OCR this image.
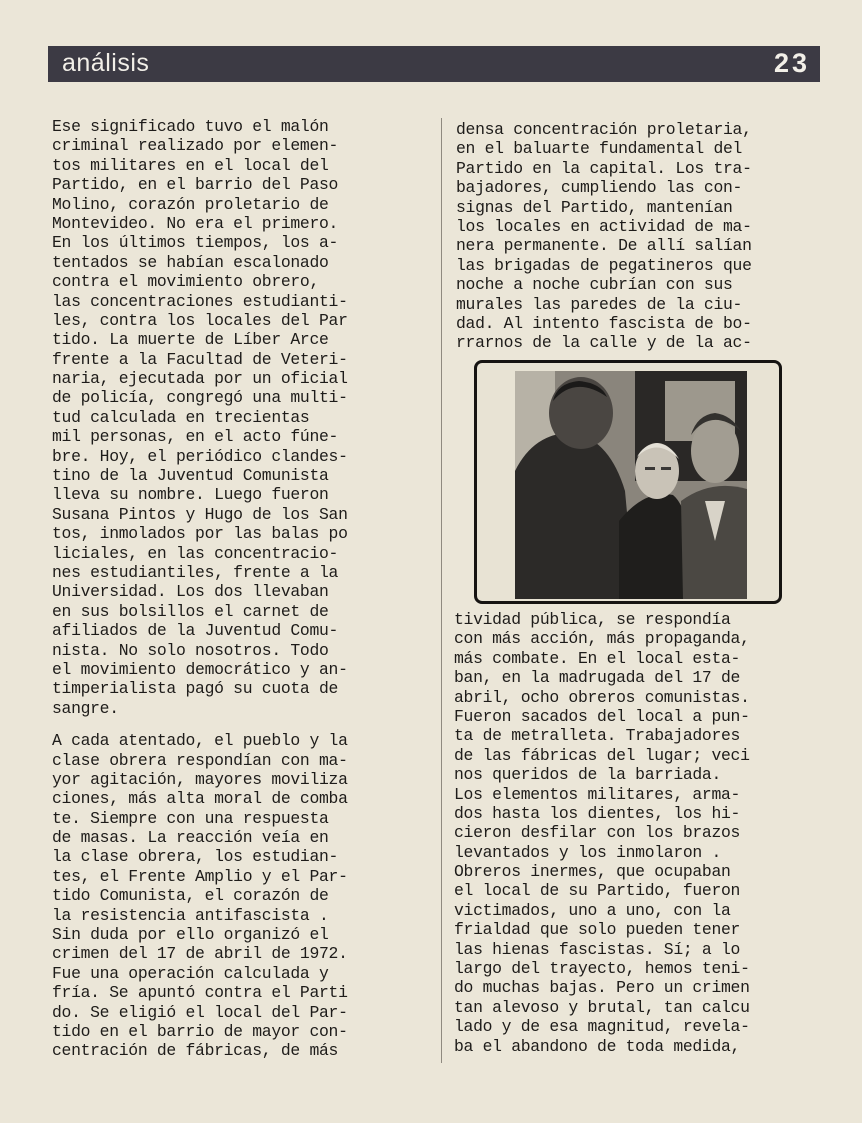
análisis	23
Ese significado tuvo el malón
criminal realizado por elemen-
tos militares en el local del
Partido, en el barrio del Paso
Molino, corazón proletario de
Montevideo. No era el primero.
En los últimos tiempos, los a-
tentados se habían escalonado
contra el movimiento obrero,
las concentraciones estudianti-
les, contra los locales del Par
tido. La muerte de Líber Arce
frente a la Facultad de Veteri-
naria, ejecutada por un oficial
de policía, congregó una multi-
tud calculada en trecientas
mil personas, en el acto fúne-
bre. Hoy, el periódico clandes-
tino de la Juventud Comunista
lleva su nombre. Luego fueron
Susana Pintos y Hugo de los San
tos, inmolados por las balas po
liciales, en las concentracio-
nes estudiantiles, frente a la
Universidad. Los dos llevaban
en sus bolsillos el carnet de
afiliados de la Juventud Comu-
nista. No solo nosotros. Todo
el movimiento democrático y an-
timperialista pagó su cuota de
sangre.
A cada atentado, el pueblo y la
clase obrera respondían con ma-
yor agitación, mayores moviliza
ciones, más alta moral de comba
te. Siempre con una respuesta
de masas. La reacción veía en
la clase obrera, los estudian-
tes, el Frente Amplio y el Par-
tido Comunista, el corazón de
la resistencia antifascista .
Sin duda por ello organizó el
crimen del 17 de abril de 1972.
Fue una operación calculada y
fría. Se apuntó contra el Parti
do. Se eligió el local del Par-
tido en el barrio de mayor con-
centración de fábricas, de más
densa concentración proletaria,
en el baluarte fundamental del
Partido en la capital. Los tra-
bajadores, cumpliendo las con-
signas del Partido, mantenían
los locales en actividad de ma-
nera permanente. De allí salían
las brigadas de pegatineros que
noche a noche cubrían con sus
murales las paredes de la ciu-
dad. Al intento fascista de bo-
rrarnos de la calle y de la ac-
tividad pública, se respondía
con más acción, más propaganda,
más combate. En el local esta-
ban, en la madrugada del 17 de
abril, ocho obreros comunistas.
Fueron sacados del local a pun-
ta de metralleta. Trabajadores
de las fábricas del lugar; veci
nos queridos de la barriada.
Los elementos militares, arma-
dos hasta los dientes, los hi-
cieron desfilar con los brazos
levantados y los inmolaron .
Obreros inermes, que ocupaban
el local de su Partido, fueron
victimados, uno a uno, con la
frialdad que solo pueden tener
las hienas fascistas. Sí; a lo
largo del trayecto, hemos teni-
do muchas bajas. Pero un crimen
tan alevoso y brutal, tan calcu
lado y de esa magnitud, revela-
ba el abandono de toda medida,
